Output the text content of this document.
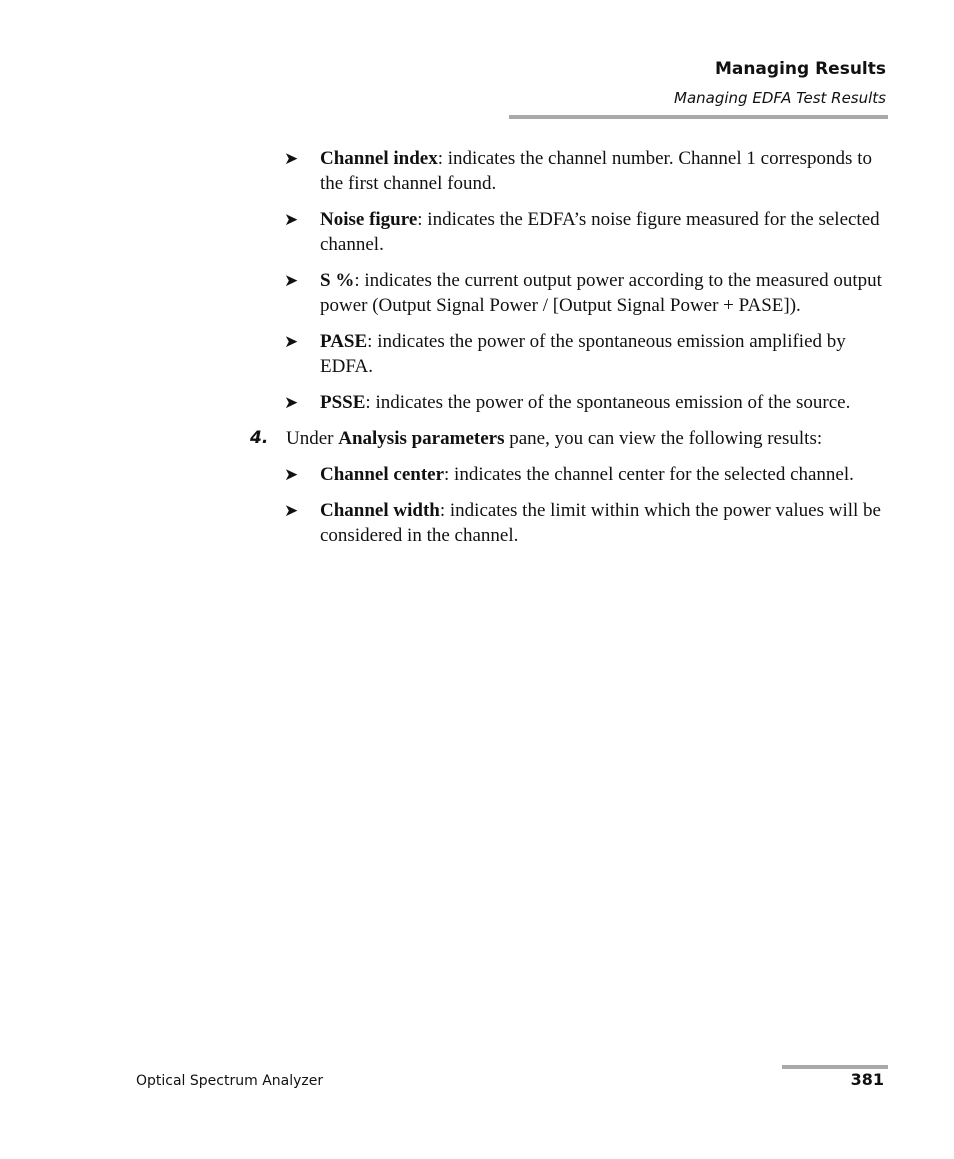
Managing Results
Managing EDFA Test Results
➤ Channel index: indicates the channel number. Channel 1 corresponds to the first channel found.
➤ Noise figure: indicates the EDFA’s noise figure measured for the selected channel.
➤ S %: indicates the current output power according to the measured output power (Output Signal Power / [Output Signal Power + PASE]).
➤ PASE: indicates the power of the spontaneous emission amplified by EDFA.
➤ PSSE: indicates the power of the spontaneous emission of the source.
4. Under Analysis parameters pane, you can view the following results:
➤ Channel center: indicates the channel center for the selected channel.
➤ Channel width: indicates the limit within which the power values will be considered in the channel.
Optical Spectrum Analyzer	381
